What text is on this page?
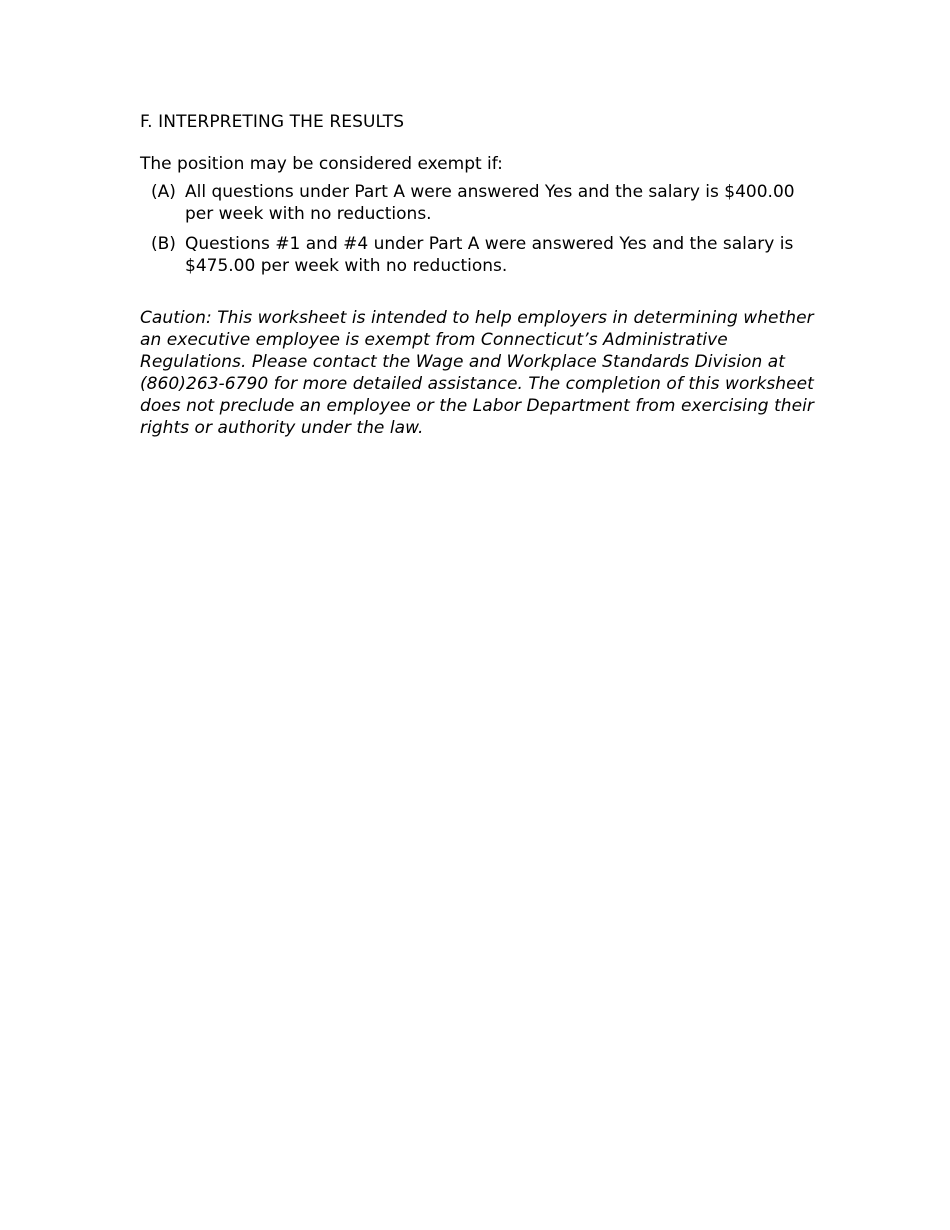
F. INTERPRETING THE RESULTS

The position may be considered exempt if:

(A) All questions under Part A were answered Yes and the salary is $400.00 per week with no reductions.
(B) Questions #1 and #4 under Part A were answered Yes and the salary is $475.00 per week with no reductions.

Caution: This worksheet is intended to help employers in determining whether an executive employee is exempt from Connecticut’s Administrative Regulations. Please contact the Wage and Workplace Standards Division at (860)263-6790 for more detailed assistance. The completion of this worksheet does not preclude an employee or the Labor Department from exercising their rights or authority under the law.
